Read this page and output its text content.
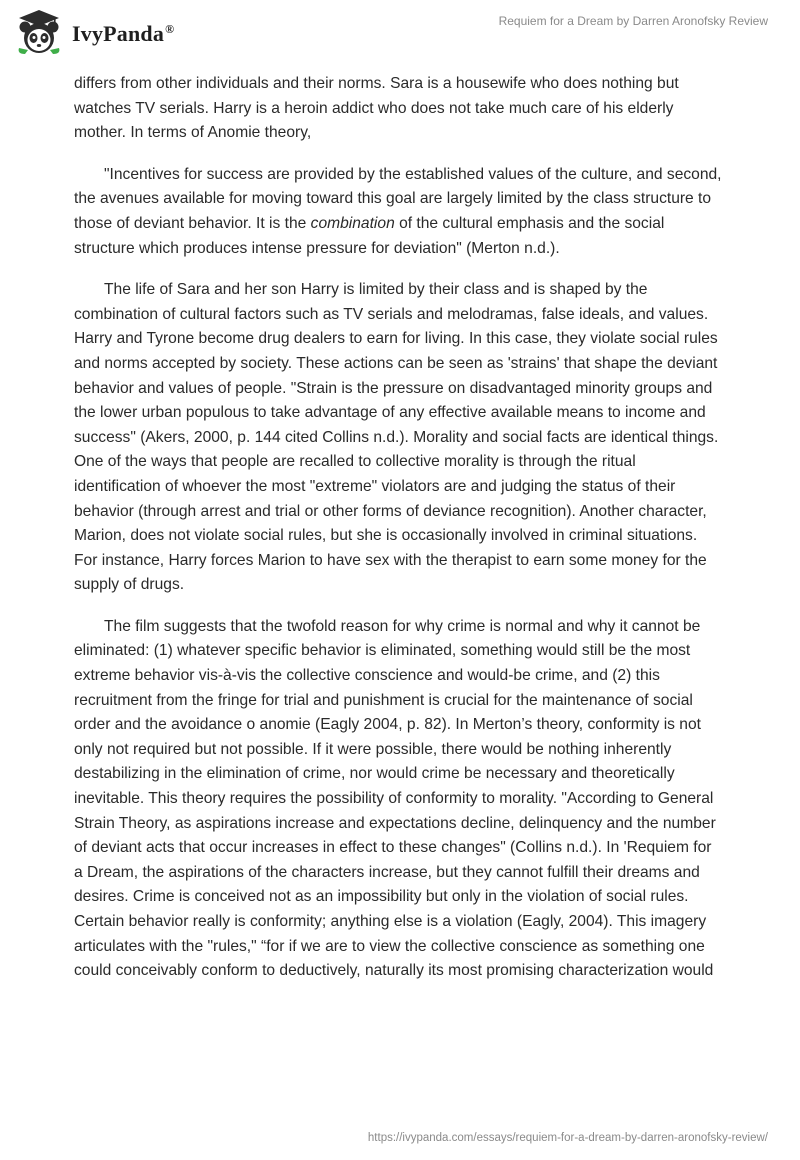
IvyPanda®
Requiem for a Dream by Darren Aronofsky Review

differs from other individuals and their norms. Sara is a housewife who does nothing but watches TV serials. Harry is a heroin addict who does not take much care of his elderly mother. In terms of Anomie theory,

"Incentives for success are provided by the established values of the culture, and second, the avenues available for moving toward this goal are largely limited by the class structure to those of deviant behavior. It is the combination of the cultural emphasis and the social structure which produces intense pressure for deviation" (Merton n.d.).

The life of Sara and her son Harry is limited by their class and is shaped by the combination of cultural factors such as TV serials and melodramas, false ideals, and values. Harry and Tyrone become drug dealers to earn for living. In this case, they violate social rules and norms accepted by society. These actions can be seen as 'strains' that shape the deviant behavior and values of people. "Strain is the pressure on disadvantaged minority groups and the lower urban populous to take advantage of any effective available means to income and success" (Akers, 2000, p. 144 cited Collins n.d.). Morality and social facts are identical things. One of the ways that people are recalled to collective morality is through the ritual identification of whoever the most "extreme" violators are and judging the status of their behavior (through arrest and trial or other forms of deviance recognition). Another character, Marion, does not violate social rules, but she is occasionally involved in criminal situations. For instance, Harry forces Marion to have sex with the therapist to earn some money for the supply of drugs.

The film suggests that the twofold reason for why crime is normal and why it cannot be eliminated: (1) whatever specific behavior is eliminated, something would still be the most extreme behavior vis-à-vis the collective conscience and would-be crime, and (2) this recruitment from the fringe for trial and punishment is crucial for the maintenance of social order and the avoidance o anomie (Eagly 2004, p. 82). In Merton’s theory, conformity is not only not required but not possible. If it were possible, there would be nothing inherently destabilizing in the elimination of crime, nor would crime be necessary and theoretically inevitable. This theory requires the possibility of conformity to morality. "According to General Strain Theory, as aspirations increase and expectations decline, delinquency and the number of deviant acts that occur increases in effect to these changes" (Collins n.d.). In 'Requiem for a Dream, the aspirations of the characters increase, but they cannot fulfill their dreams and desires. Crime is conceived not as an impossibility but only in the violation of social rules. Certain behavior really is conformity; anything else is a violation (Eagly, 2004). This imagery articulates with the "rules," “for if we are to view the collective conscience as something one could conceivably conform to deductively, naturally its most promising characterization would

https://ivypanda.com/essays/requiem-for-a-dream-by-darren-aronofsky-review/
